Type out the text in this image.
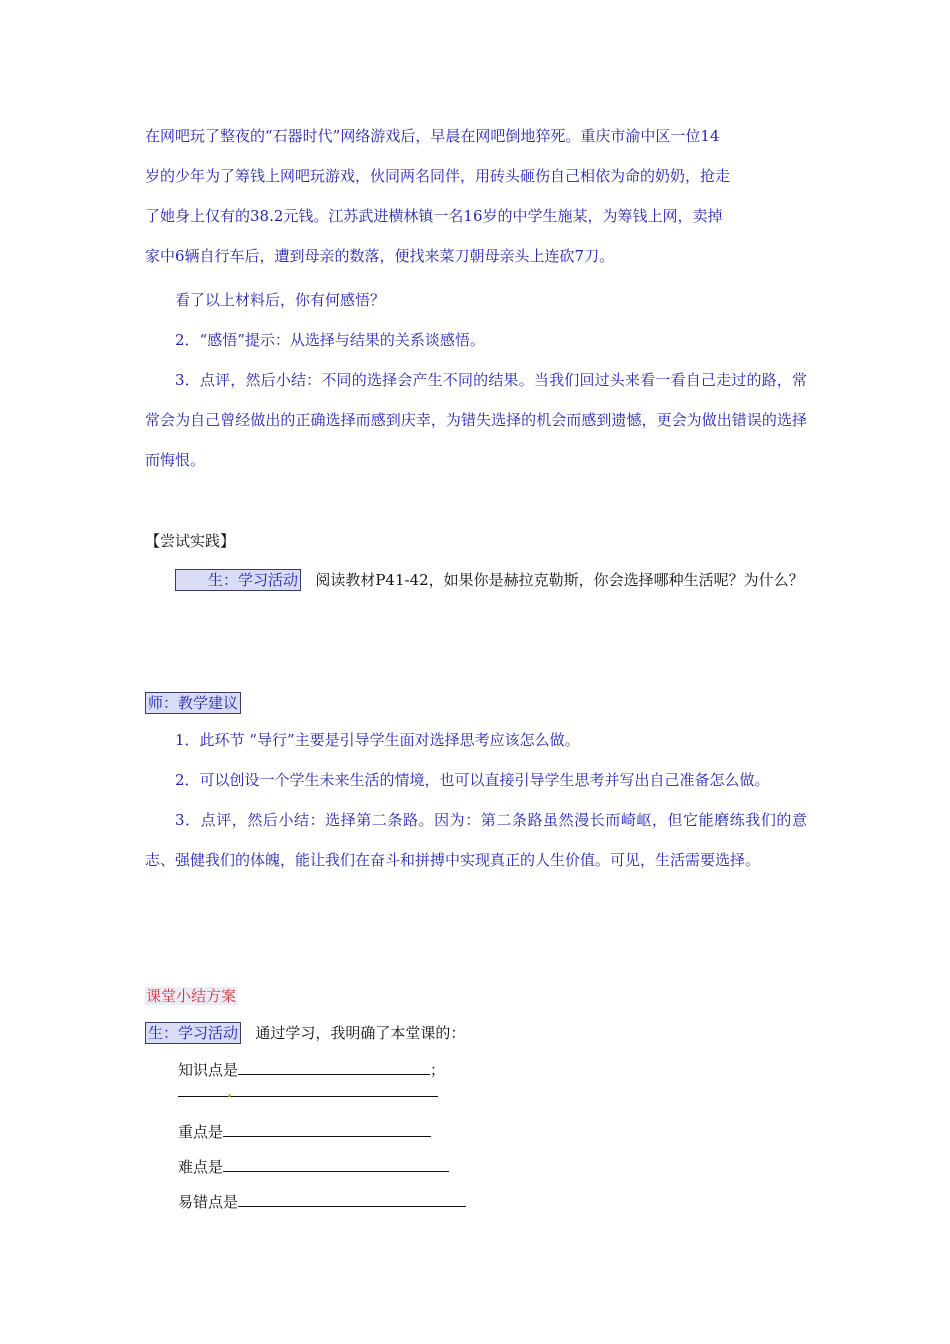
在网吧玩了整夜的“石器时代”网络游戏后，早晨在网吧倒地猝死。重庆市渝中区一位14
岁的少年为了筹钱上网吧玩游戏，伙同两名同伴，用砖头砸伤自己相依为命的奶奶，抢走
了她身上仅有的38.2元钱。江苏武进横林镇一名16岁的中学生施某，为筹钱上网，卖掉
家中6辆自行车后，遭到母亲的数落，便找来菜刀朝母亲头上连砍7刀。

看了以上材料后，你有何感悟？

2．“感悟”提示：从选择与结果的关系谈感悟。

3．点评，然后小结：不同的选择会产生不同的结果。当我们回过头来看一看自己走过的路，常常会为自己曾经做出的正确选择而感到庆幸，为错失选择的机会而感到遗憾，更会为做出错误的选择而悔恨。

【尝试实践】

生：学习活动 阅读教材P41-42，如果你是赫拉克勒斯，你会选择哪种生活呢？为什么？

师：教学建议

1．此环节 “导行”主要是引导学生面对选择思考应该怎么做。

2．可以创设一个学生未来生活的情境，也可以直接引导学生思考并写出自己准备怎么做。

3．点评，然后小结：选择第二条路。因为：第二条路虽然漫长而崎岖，但它能磨练我们的意志、强健我们的体魄，能让我们在奋斗和拼搏中实现真正的人生价值。可见，生活需要选择。

课堂小结方案
生：学习活动 通过学习，我明确了本堂课的：
知识点是	；
重点是
难点是
易错点是
